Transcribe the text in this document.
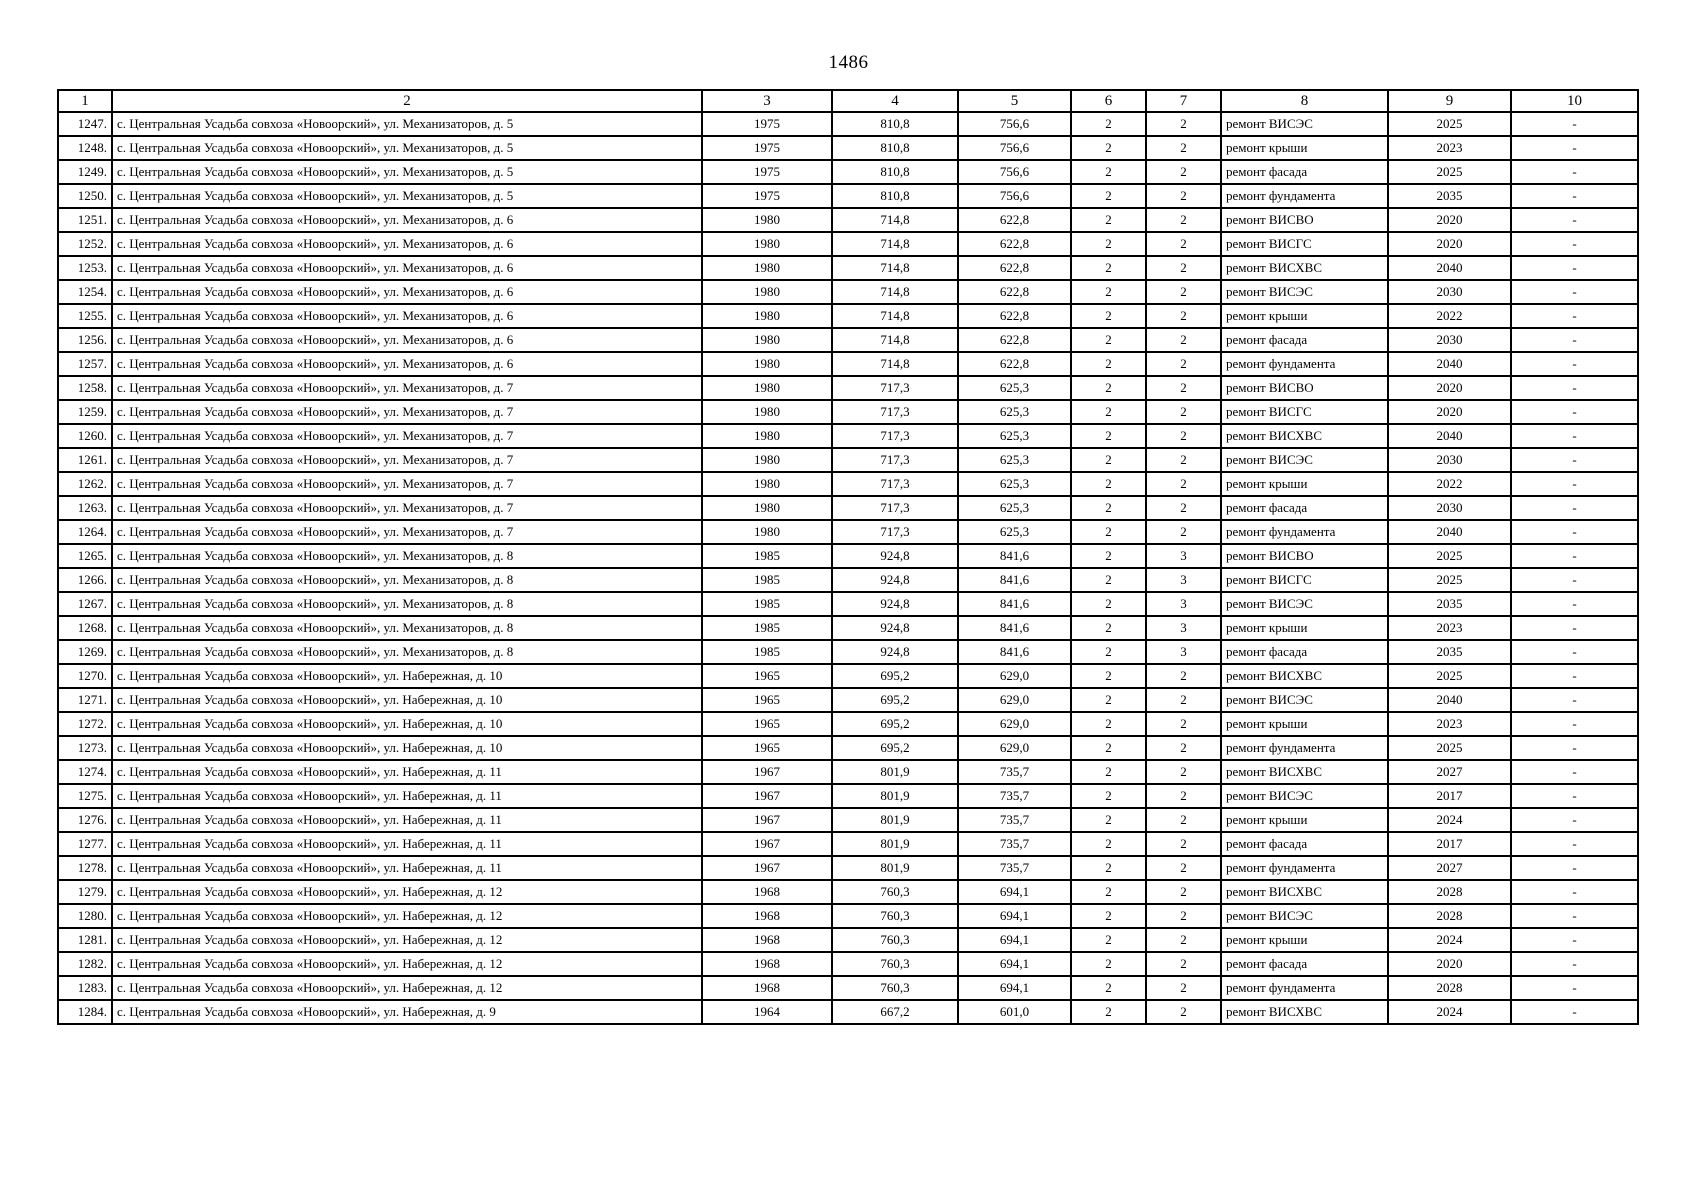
1486
1	2	3	4	5	6	7	8	9	10
1247.	с. Центральная Усадьба совхоза «Новоорский», ул. Механизаторов, д. 5	1975	810,8	756,6	2	2	ремонт ВИСЭС	2025	-
1248.	с. Центральная Усадьба совхоза «Новоорский», ул. Механизаторов, д. 5	1975	810,8	756,6	2	2	ремонт крыши	2023	-
1249.	с. Центральная Усадьба совхоза «Новоорский», ул. Механизаторов, д. 5	1975	810,8	756,6	2	2	ремонт фасада	2025	-
1250.	с. Центральная Усадьба совхоза «Новоорский», ул. Механизаторов, д. 5	1975	810,8	756,6	2	2	ремонт фундамента	2035	-
1251.	с. Центральная Усадьба совхоза «Новоорский», ул. Механизаторов, д. 6	1980	714,8	622,8	2	2	ремонт ВИСВО	2020	-
1252.	с. Центральная Усадьба совхоза «Новоорский», ул. Механизаторов, д. 6	1980	714,8	622,8	2	2	ремонт ВИСГС	2020	-
1253.	с. Центральная Усадьба совхоза «Новоорский», ул. Механизаторов, д. 6	1980	714,8	622,8	2	2	ремонт ВИСХВС	2040	-
1254.	с. Центральная Усадьба совхоза «Новоорский», ул. Механизаторов, д. 6	1980	714,8	622,8	2	2	ремонт ВИСЭС	2030	-
1255.	с. Центральная Усадьба совхоза «Новоорский», ул. Механизаторов, д. 6	1980	714,8	622,8	2	2	ремонт крыши	2022	-
1256.	с. Центральная Усадьба совхоза «Новоорский», ул. Механизаторов, д. 6	1980	714,8	622,8	2	2	ремонт фасада	2030	-
1257.	с. Центральная Усадьба совхоза «Новоорский», ул. Механизаторов, д. 6	1980	714,8	622,8	2	2	ремонт фундамента	2040	-
1258.	с. Центральная Усадьба совхоза «Новоорский», ул. Механизаторов, д. 7	1980	717,3	625,3	2	2	ремонт ВИСВО	2020	-
1259.	с. Центральная Усадьба совхоза «Новоорский», ул. Механизаторов, д. 7	1980	717,3	625,3	2	2	ремонт ВИСГС	2020	-
1260.	с. Центральная Усадьба совхоза «Новоорский», ул. Механизаторов, д. 7	1980	717,3	625,3	2	2	ремонт ВИСХВС	2040	-
1261.	с. Центральная Усадьба совхоза «Новоорский», ул. Механизаторов, д. 7	1980	717,3	625,3	2	2	ремонт ВИСЭС	2030	-
1262.	с. Центральная Усадьба совхоза «Новоорский», ул. Механизаторов, д. 7	1980	717,3	625,3	2	2	ремонт крыши	2022	-
1263.	с. Центральная Усадьба совхоза «Новоорский», ул. Механизаторов, д. 7	1980	717,3	625,3	2	2	ремонт фасада	2030	-
1264.	с. Центральная Усадьба совхоза «Новоорский», ул. Механизаторов, д. 7	1980	717,3	625,3	2	2	ремонт фундамента	2040	-
1265.	с. Центральная Усадьба совхоза «Новоорский», ул. Механизаторов, д. 8	1985	924,8	841,6	2	3	ремонт ВИСВО	2025	-
1266.	с. Центральная Усадьба совхоза «Новоорский», ул. Механизаторов, д. 8	1985	924,8	841,6	2	3	ремонт ВИСГС	2025	-
1267.	с. Центральная Усадьба совхоза «Новоорский», ул. Механизаторов, д. 8	1985	924,8	841,6	2	3	ремонт ВИСЭС	2035	-
1268.	с. Центральная Усадьба совхоза «Новоорский», ул. Механизаторов, д. 8	1985	924,8	841,6	2	3	ремонт крыши	2023	-
1269.	с. Центральная Усадьба совхоза «Новоорский», ул. Механизаторов, д. 8	1985	924,8	841,6	2	3	ремонт фасада	2035	-
1270.	с. Центральная Усадьба совхоза «Новоорский», ул. Набережная, д. 10	1965	695,2	629,0	2	2	ремонт ВИСХВС	2025	-
1271.	с. Центральная Усадьба совхоза «Новоорский», ул. Набережная, д. 10	1965	695,2	629,0	2	2	ремонт ВИСЭС	2040	-
1272.	с. Центральная Усадьба совхоза «Новоорский», ул. Набережная, д. 10	1965	695,2	629,0	2	2	ремонт крыши	2023	-
1273.	с. Центральная Усадьба совхоза «Новоорский», ул. Набережная, д. 10	1965	695,2	629,0	2	2	ремонт фундамента	2025	-
1274.	с. Центральная Усадьба совхоза «Новоорский», ул. Набережная, д. 11	1967	801,9	735,7	2	2	ремонт ВИСХВС	2027	-
1275.	с. Центральная Усадьба совхоза «Новоорский», ул. Набережная, д. 11	1967	801,9	735,7	2	2	ремонт ВИСЭС	2017	-
1276.	с. Центральная Усадьба совхоза «Новоорский», ул. Набережная, д. 11	1967	801,9	735,7	2	2	ремонт крыши	2024	-
1277.	с. Центральная Усадьба совхоза «Новоорский», ул. Набережная, д. 11	1967	801,9	735,7	2	2	ремонт фасада	2017	-
1278.	с. Центральная Усадьба совхоза «Новоорский», ул. Набережная, д. 11	1967	801,9	735,7	2	2	ремонт фундамента	2027	-
1279.	с. Центральная Усадьба совхоза «Новоорский», ул. Набережная, д. 12	1968	760,3	694,1	2	2	ремонт ВИСХВС	2028	-
1280.	с. Центральная Усадьба совхоза «Новоорский», ул. Набережная, д. 12	1968	760,3	694,1	2	2	ремонт ВИСЭС	2028	-
1281.	с. Центральная Усадьба совхоза «Новоорский», ул. Набережная, д. 12	1968	760,3	694,1	2	2	ремонт крыши	2024	-
1282.	с. Центральная Усадьба совхоза «Новоорский», ул. Набережная, д. 12	1968	760,3	694,1	2	2	ремонт фасада	2020	-
1283.	с. Центральная Усадьба совхоза «Новоорский», ул. Набережная, д. 12	1968	760,3	694,1	2	2	ремонт фундамента	2028	-
1284.	с. Центральная Усадьба совхоза «Новоорский», ул. Набережная, д. 9	1964	667,2	601,0	2	2	ремонт ВИСХВС	2024	-
